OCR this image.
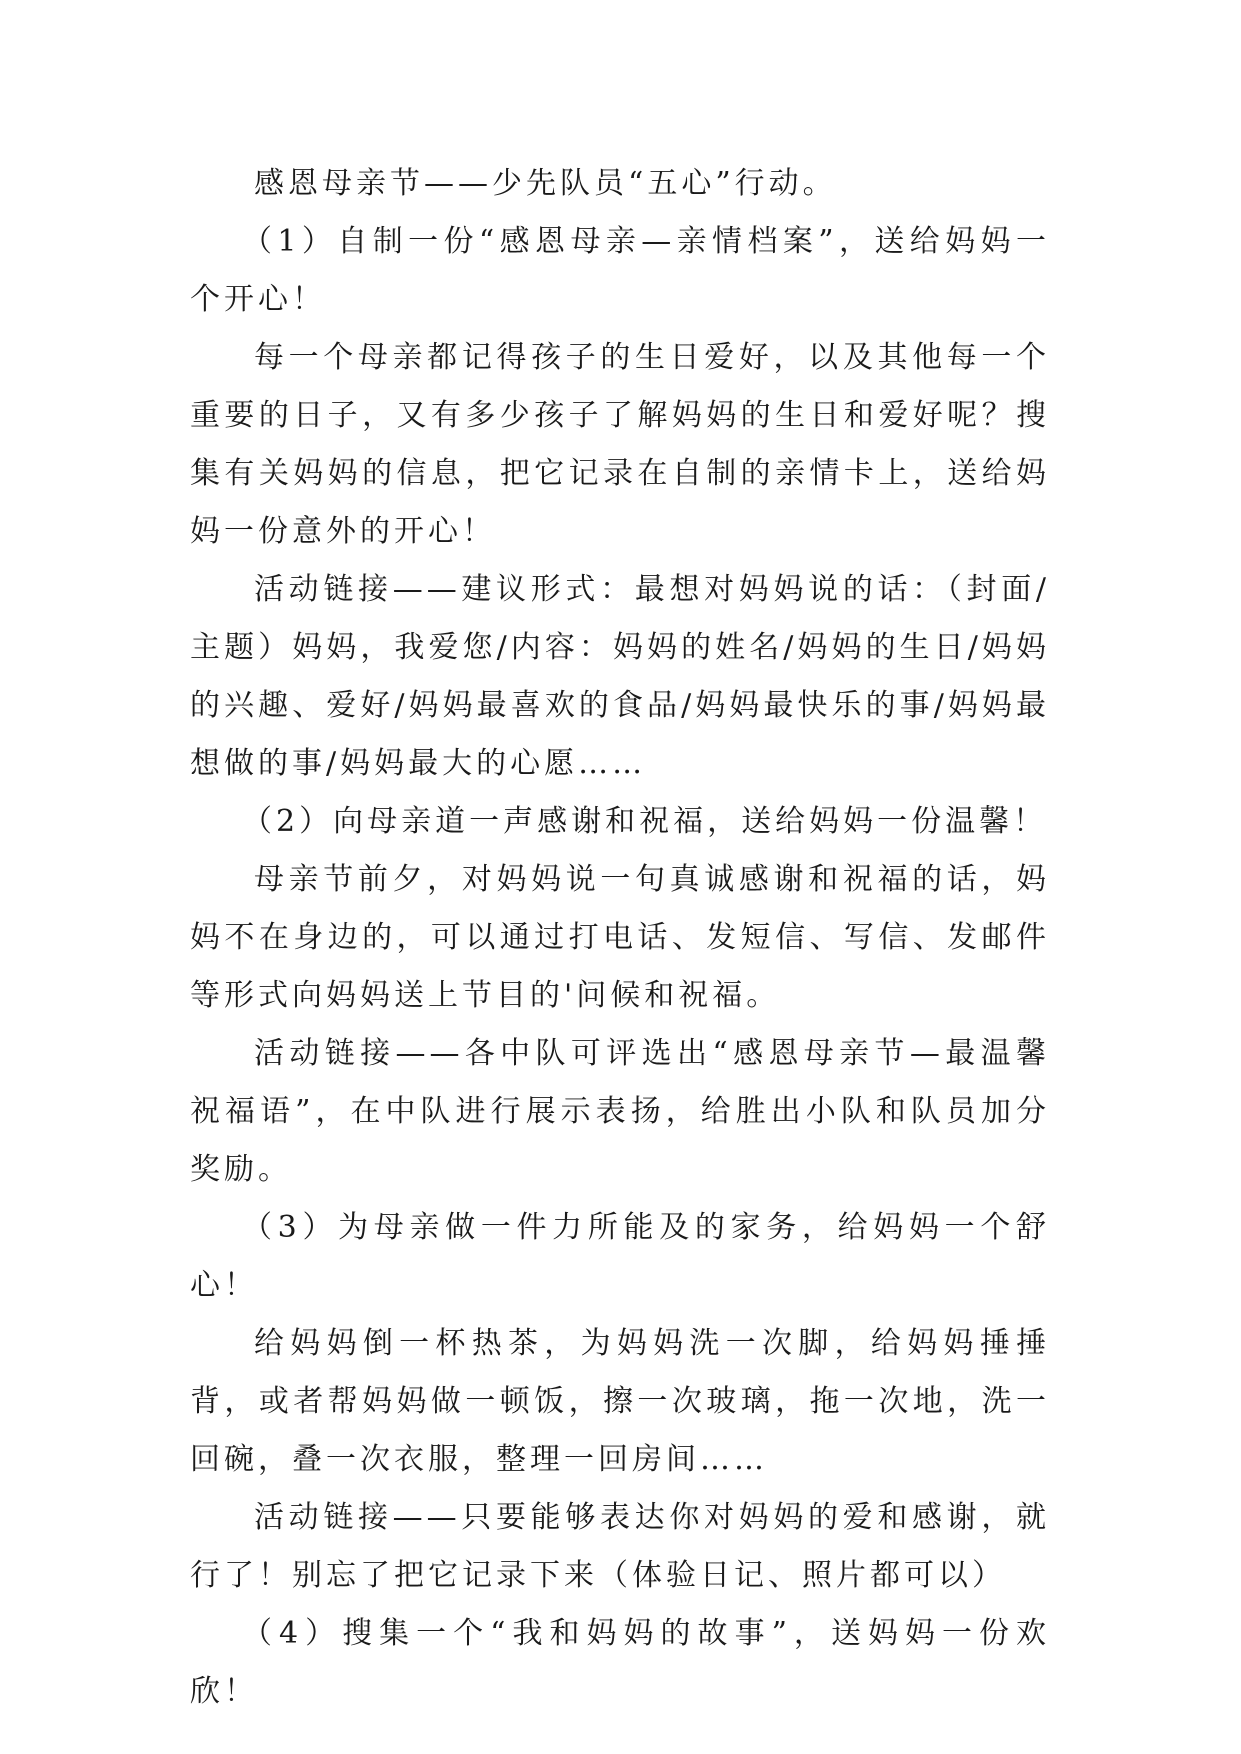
感恩母亲节——少先队员“五心”行动。

（1）自制一份“感恩母亲—亲情档案”，送给妈妈一个开心！

每一个母亲都记得孩子的生日爱好，以及其他每一个重要的日子，又有多少孩子了解妈妈的生日和爱好呢？搜集有关妈妈的信息，把它记录在自制的亲情卡上，送给妈妈一份意外的开心！

活动链接——建议形式：最想对妈妈说的话：（封面/主题）妈妈，我爱您/内容：妈妈的姓名/妈妈的生日/妈妈的兴趣、爱好/妈妈最喜欢的食品/妈妈最快乐的事/妈妈最想做的事/妈妈最大的心愿……

（2）向母亲道一声感谢和祝福，送给妈妈一份温馨！

母亲节前夕，对妈妈说一句真诚感谢和祝福的话，妈妈不在身边的，可以通过打电话、发短信、写信、发邮件等形式向妈妈送上节目的'问候和祝福。

活动链接——各中队可评选出“感恩母亲节—最温馨祝福语”，在中队进行展示表扬，给胜出小队和队员加分奖励。

（3）为母亲做一件力所能及的家务，给妈妈一个舒心！

给妈妈倒一杯热茶，为妈妈洗一次脚，给妈妈捶捶背，或者帮妈妈做一顿饭，擦一次玻璃，拖一次地，洗一回碗，叠一次衣服，整理一回房间……

活动链接——只要能够表达你对妈妈的爱和感谢，就行了！别忘了把它记录下来（体验日记、照片都可以）

（4）搜集一个“我和妈妈的故事”，送妈妈一份欢欣！
